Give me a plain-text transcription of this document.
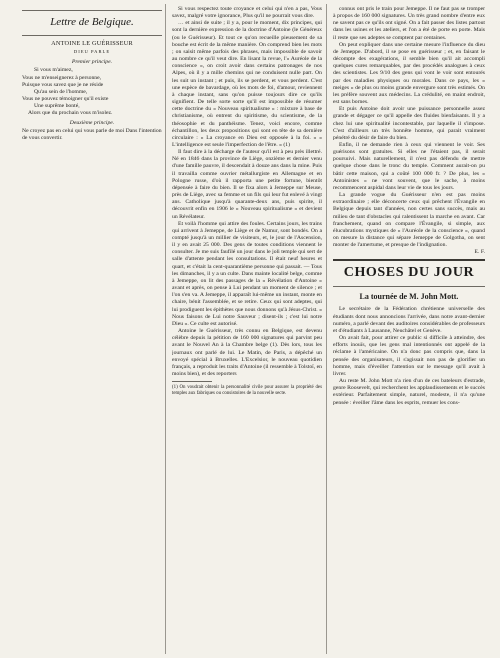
Lettre de Belgique.
ANTOINE LE GUÉRISSEUR
DIEU PARLE

Premier principe.

Si vous m'aimez,

Vous ne m'enseignerez à personne,

Puisque vous savez que je ne réside

Qu'au sein de l'homme,

Vous ne pouvez témoigner qu'il existe

Une suprême bonté,

Alors que du prochain vous m'isolez.

Deuxième principe.

Ne croyez pas en celui qui vous parle de moi Dans l'intention de vous convertir.

Si vous respectez toute croyance et celui qui n'en a pas, Vous savez, malgré votre ignorance, Plus qu'il ne pourrait vous dire.

… et ainsi de suite ; il y a, pour le moment, dix principes, qui sont la dernière expression de la doctrine d'Antoine (le Généreux (ou le Guérisseur). Et tout ce qu'on recueille pieusement de sa bouche est écrit de la même manière. On comprend bien les mots ; on saisit même parfois des phrases, mais impossible de savoir au nombre ce qu'il veut dire. En lisant la revue, l'« Auréole de la conscience », on croit avoir dans certains patronages de nos Alpes, où il y a mille chemins qui ne conduisent nulle part. On les suit un instant ; et puis, ils se perdent, et vous perdent. C'est une espèce de bavardage, où les mots de foi, d'amour, reviennent à chaque instant, sans qu'on puisse toujours dire ce qu'ils signifient. De telle sorte sorte qu'il est impossible de résumer cette doctrine du « Nouveau spiritualisme » : mixture à base de christianisme, où entrent du spiritisme, du scientisme, de la théosophie et du panthéisme. Tenez, voici encore, comme échantillon, les deux propositions qui sont en tête de sa dernière circulaire : « La croyance en Dieu est opposée à la foi. » « L'intelligence est seule l'imperfection de l'être. » (1)

Il faut dire à la décharge de l'auteur qu'il est à peu près illettré. Né en 1846 dans la province de Liège, onzième et dernier venu d'une famille pauvre, il descendait à douze ans dans la mine. Puis il travailla comme ouvrier métallurgiste en Allemagne et en Pologne russe, d'où il rapporta une petite fortune, bientôt dépensée à faire du bien. Il se fixa alors à Jemeppe sur Meuse, près de Liège, avec sa femme et un fils qui leur fut enlevé à vingt ans. Catholique jusqu'à quarante-deux ans, puis spirite, il découvrit enfin en 1906 le « Nouveau spiritualisme » et devient un Révélateur.

Et voilà l'homme qui attire des foules. Certains jours, les trains qui arrivent à Jemeppe, de Liège et de Namur, sont bondés. On a compté jusqu'à un millier de visiteurs, et, le jour de l'Ascension, il y en avait 25 000. Des gens de toutes conditions viennent le consulter. Je me suis faufilé un jour dans le joli temple qui sert de salle d'attente pendant les consultations. Il était neuf heures et quart, et c'était la cent-quarantième personne qui passait. — Tous les dimanches, il y a un culte. Dans mainte localité belge, comme à Jemeppe, on lit des passages de la « Révélation d'Antoine » avant et après, on pense à Lui pendant un moment de silence ; et l'on s'en va. A Jemeppe, il apparaît lui-même un instant, monte en chaire, bénit l'assemblée, et se retire. Ceux qui sont adeptes, qui lui prodiguent les épithètes que nous donnons qu'à Jésus-Christ. « Nous faisons de Lui notre Sauveur ; disent-ils ; c'est lui notre Dieu ». Ce culte est autorisé.

Antoine le Guérisseur, très connu en Belgique, est devenu célèbre depuis la pétition de 160 000 signatures qui parvint peu avant le Nouvel An à la Chambre belge (1). Dès lors, tous les journaux ont parlé de lui. Le Matin, de Paris, a dépêché un envoyé spécial à Bruxelles. L'Excelsior, le nouveau quotidien français, a reproduit les traits d'Antoine (il ressemble à Tolstoï, en moins bien), et des reporters

(1) On voudrait obtenir la personnalité civile pour assurer la propriété des temples aux fabriques ou consistoires de la nouvelle secte.

connus ont pris le train pour Jemeppe. Il ne faut pas se tromper à propos de 160 000 signatures. Un très grand nombre d'entre eux ne savent pas ce qu'ils ont signé. On a fait passer des listes partout dans les usines et les ateliers, et l'on a été de porte en porte. Mais il reste que ses adeptes se comptent par centaines.

On peut expliquer dans une certaine mesure l'influence du dieu de Jemeppe. D'abord, il se pose en guérisseur ; et, en faisant le décompte des exagérations, il semble bien qu'il ait accompli quelques cures remarquables, par des procédés analogues à ceux des scientistes. Les 9/10 des gens qui vont le voir sont entourés par des maladies physiques ou morales. Dans ce pays, les « meiges » de plus ou moins grande envergure sont très estimés. On les préfère souvent aux médecins. La crédulité, en maint endroit, est sans bornes.

Et puis Antoine doit avoir une puissance personnelle assez grande et dégager ce qu'il appelle des fluides bienfaisants. Il y a chez lui une spiritualité incontestable, par laquelle il s'impose. C'est d'ailleurs un très honnête homme, qui parait vraiment pénétré du désir de faire du bien.

Enfin, il ne demande rien à ceux qui viennent le voir. Ses guérisons sont gratuites. Si elles ne l'étaient pas, il serait poursuivi. Mais naturellement, il n'est pas défendu de mettre quelque chose dans le tronc du temple. Comment aurait-on pu bâtir cette maison, qui a coûté 100 000 fr. ? De plus, les « Antoinistes » ne vont souvent, que le sache, à moins recommencent aspidal dans leur vie de tous les jours.

La grande vogue du Guérisseur n'en est pas moins extraordinaire ; elle déconcerte ceux qui prêchent l'Évangile en Belgique depuis tant d'années, non certes sans succès, mais au milieu de tant d'obstacles qui ralentissent la marche en avant. Car franchement, quand on compare l'Évangile, si simple, aux élucubrations mystiques de « l'Auréole de la conscience », quand on mesure la distance qui sépare Jemeppe de Golgotha, on sent monter de l'amertume, et presque de l'indignation.

E. F.
CHOSES DU JOUR
La tournée de M. John Mott.

Le secrétaire de la Fédération chrétienne universelle des étudiants dont nous annoncions l'arrivée, dans notre avant-dernier numéro, a parlé devant des auditoires considérables de professeurs et d'étudiants à Lausanne, Neuchâtel et Genève.

On avait fait, pour attirer ce public si difficile à atteindre, des efforts inouïs, que les gens mal intentionnés ont appelé de la réclame à l'américaine. On n'a donc pas compris que, dans la pensée des organisateurs, il s'agissait non pas de glorifier un homme, mais d'éveiller l'attention sur le message qu'il avait à livrer.

Au reste M. John Mott n'a rien d'un de ces bateleurs d'estrade, genre Roosevelt, qui recherchent les applaudissements et le succès extérieur. Parfaitement simple, naturel, modeste, il n'a qu'une pensée : éveiller l'âme dans les esprits, remuer les cons-
